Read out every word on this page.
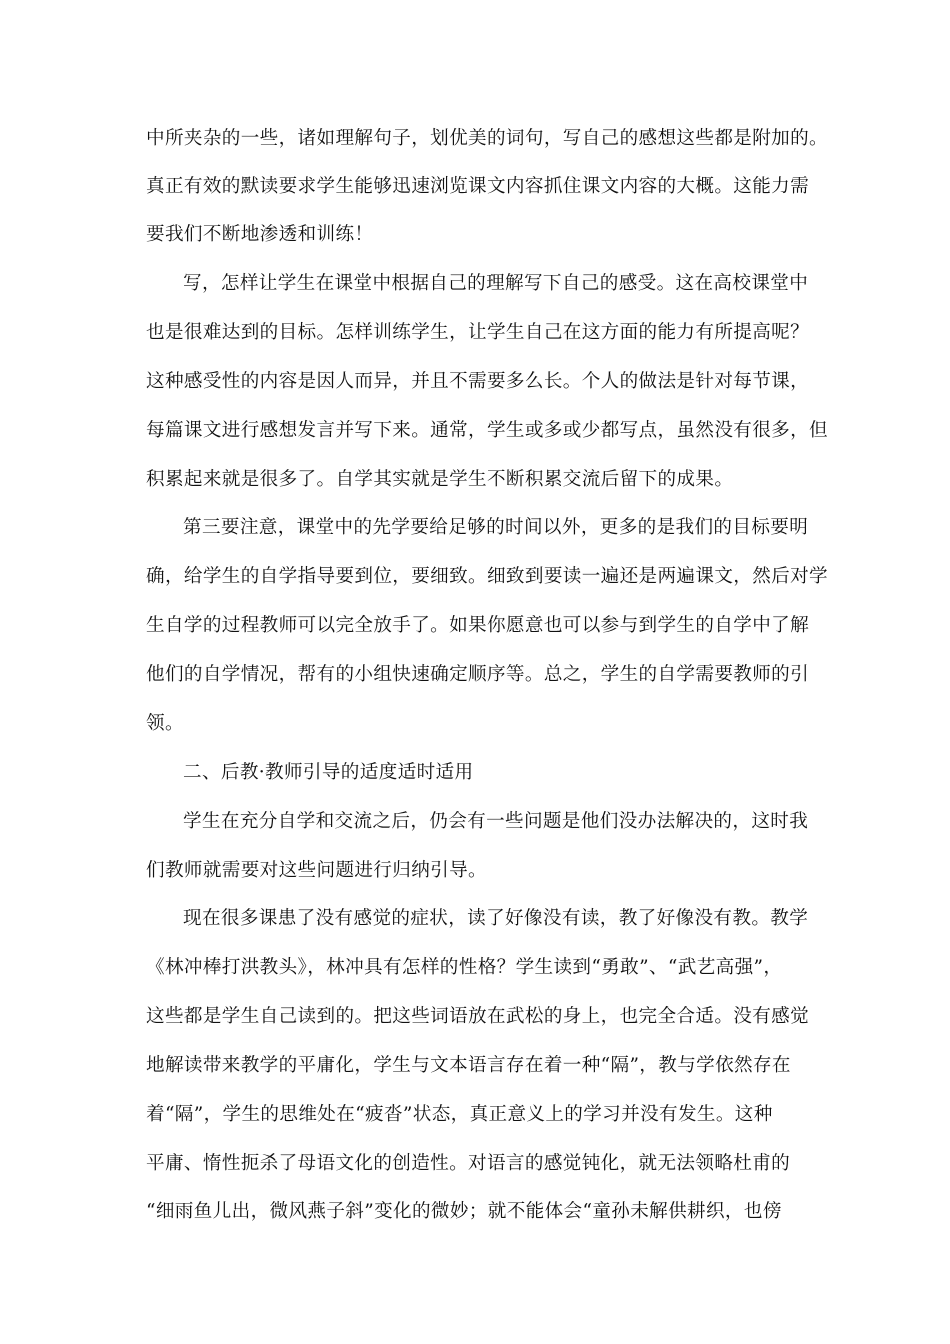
中所夹杂的一些，诸如理解句子，划优美的词句，写自己的感想这些都是附加的。
真正有效的默读要求学生能够迅速浏览课文内容抓住课文内容的大概。这能力需
要我们不断地渗透和训练！
写，怎样让学生在课堂中根据自己的理解写下自己的感受。这在高校课堂中
也是很难达到的目标。怎样训练学生，让学生自己在这方面的能力有所提高呢？
这种感受性的内容是因人而异，并且不需要多么长。个人的做法是针对每节课，
每篇课文进行感想发言并写下来。通常，学生或多或少都写点，虽然没有很多，但
积累起来就是很多了。自学其实就是学生不断积累交流后留下的成果。
第三要注意，课堂中的先学要给足够的时间以外，更多的是我们的目标要明
确，给学生的自学指导要到位，要细致。细致到要读一遍还是两遍课文，然后对学
生自学的过程教师可以完全放手了。如果你愿意也可以参与到学生的自学中了解
他们的自学情况，帮有的小组快速确定顺序等。总之，学生的自学需要教师的引
领。
二、后教·教师引导的适度适时适用
学生在充分自学和交流之后，仍会有一些问题是他们没办法解决的，这时我
们教师就需要对这些问题进行归纳引导。
现在很多课患了没有感觉的症状，读了好像没有读，教了好像没有教。教学
《林冲棒打洪教头》，林冲具有怎样的性格？学生读到“勇敢”、“武艺高强”，
这些都是学生自己读到的。把这些词语放在武松的身上，也完全合适。没有感觉
地解读带来教学的平庸化，学生与文本语言存在着一种“隔”，教与学依然存在
着“隔”，学生的思维处在“疲沓”状态，真正意义上的学习并没有发生。这种
平庸、惰性扼杀了母语文化的创造性。对语言的感觉钝化，就无法领略杜甫的
“细雨鱼儿出，微风燕子斜”变化的微妙；就不能体会“童孙未解供耕织，也傍
